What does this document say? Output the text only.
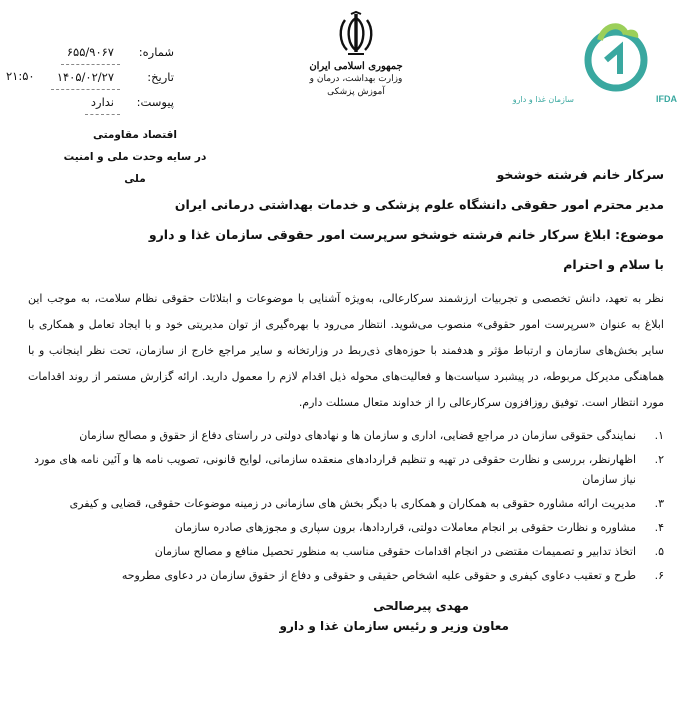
شماره:
۶۵۵/۹۰۶۷
تاریخ:
۱۴۰۵/۰۲/۲۷
پیوست:
ندارد
۲۱:۵۰
اقتصاد مقاومتی
در سایه وحدت ملی و امنیت ملی
جمهوری اسلامی ایران
وزارت بهداشت، درمان و آموزش پزشکی
IFDA
سازمان غذا و دارو
سرکار خانم فرشته خوشخو
مدیر محترم امور حقوقی دانشگاه علوم پزشکی و خدمات بهداشتی درمانی ایران
موضوع: ابلاغ سرکار خانم فرشته خوشخو سرپرست امور حقوقی سازمان غذا و دارو
با سلام و احترام
نظر به تعهد، دانش تخصصی و تجربیات ارزشمند سرکارعالی، به‌ویژه آشنایی با موضوعات و ابتلائات حقوقی نظام سلامت، به موجب این ابلاغ به عنوان «سرپرست امور حقوقی» منصوب می‌شوید. انتظار می‌رود با بهره‌گیری از توان مدیریتی خود و با ایجاد تعامل و همکاری با سایر بخش‌های سازمان و ارتباط مؤثر و هدفمند با حوزه‌های ذی‌ربط در وزارتخانه و سایر مراجع خارج از سازمان، تحت نظر اینجانب و با هماهنگی مدیرکل مربوطه، در پیشبرد سیاست‌ها و فعالیت‌های محوله ذیل اقدام لازم را معمول دارید. ارائه گزارش مستمر از روند اقدامات مورد انتظار است. توفیق روزافزون سرکارعالی را از خداوند متعال مسئلت دارم.
۱.
نمایندگی حقوقی سازمان در مراجع قضایی، اداری و سازمان ها و نهادهای دولتی در راستای دفاع از حقوق و مصالح سازمان
۲.
اظهارنظر، بررسی و نظارت حقوقی در تهیه و تنظیم قراردادهای منعقده سازمانی، لوایح قانونی، تصویب نامه ها و آئین نامه های مورد نیاز سازمان
۳.
مدیریت ارائه مشاوره حقوقی به همکاران و همکاری با دیگر بخش های سازمانی در زمینه موضوعات حقوقی، قضایی و کیفری
۴.
مشاوره و نظارت حقوقی بر انجام معاملات دولتی، قراردادها، برون سپاری و مجوزهای صادره سازمان
۵.
اتخاذ تدابیر و تصمیمات مقتضی در انجام اقدامات حقوقی مناسب به منظور تحصیل منافع و مصالح سازمان
۶.
طرح و تعقیب دعاوی کیفری و حقوقی علیه اشخاص حقیقی و حقوقی و دفاع از حقوق سازمان در دعاوی مطروحه
مهدی پیرصالحی
معاون وزیر و رئیس سازمان غذا و دارو
